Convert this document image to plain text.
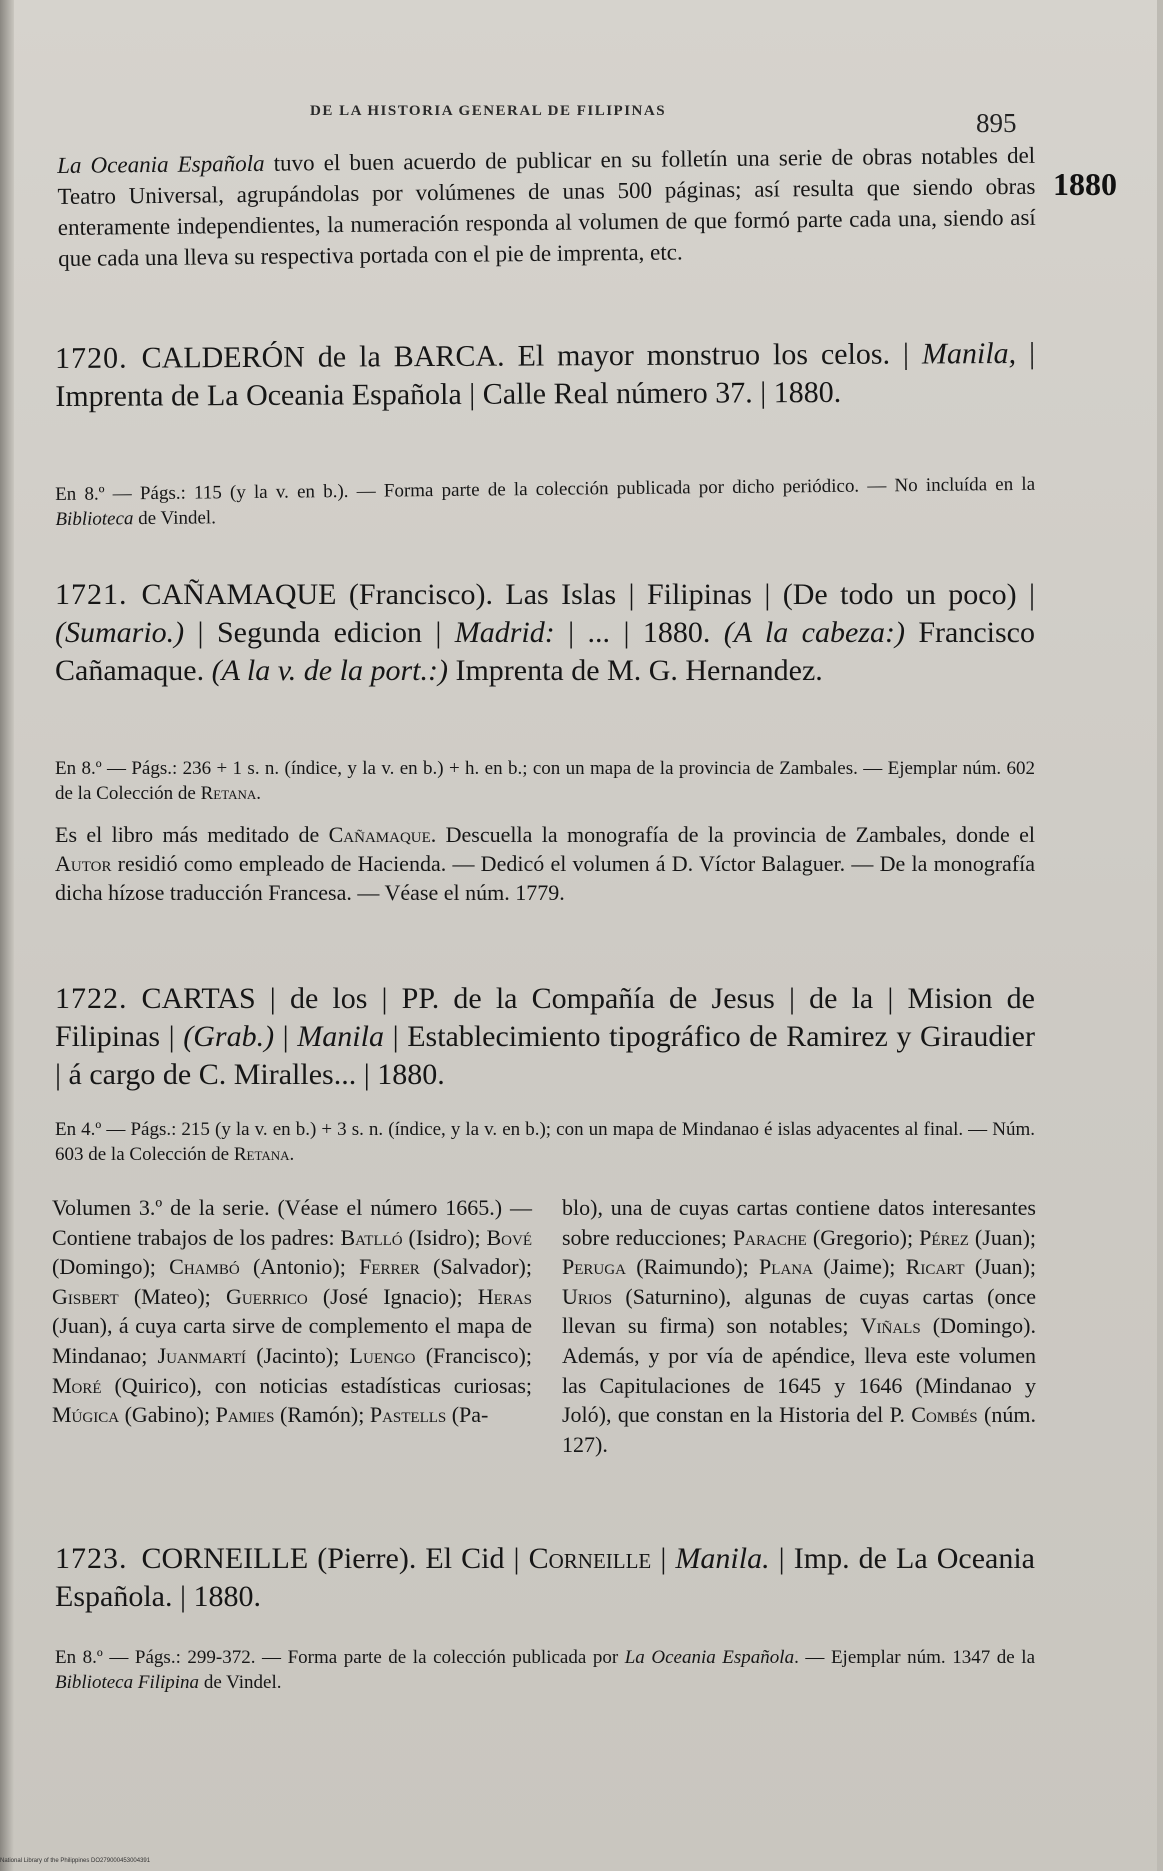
DE LA HISTORIA GENERAL DE FILIPINAS	895
1880
La Oceania Española tuvo el buen acuerdo de publicar en su folletín una serie de obras notables del Teatro Universal, agrupándolas por volúmenes de unas 500 páginas; así resulta que siendo obras enteramente independientes, la numeración responda al volumen de que formó parte cada una, siendo así que cada una lleva su respectiva portada con el pie de imprenta, etc.
1720. CALDERÓN de la BARCA. El mayor monstruo los celos. | Manila, | Imprenta de La Oceania Española | Calle Real número 37. | 1880.
En 8.º — Págs.: 115 (y la v. en b.). — Forma parte de la colección publicada por dicho periódico. — No incluída en la Biblioteca de Vindel.
1721. CAÑAMAQUE (Francisco). Las Islas | Filipinas | (De todo un poco) | (Sumario.) | Segunda edicion | Madrid: | ... | 1880. (A la cabeza:) Francisco Cañamaque. (A la v. de la port.:) Imprenta de M. G. Hernandez.
En 8.º — Págs.: 236 + 1 s. n. (índice, y la v. en b.) + h. en b.; con un mapa de la provincia de Zambales. — Ejemplar núm. 602 de la Colección de Retana.
Es el libro más meditado de Cañamaque. Descuella la monografía de la provincia de Zambales, donde el Autor residió como empleado de Hacienda. — Dedicó el volumen á D. Víctor Balaguer. — De la monografía dicha hízose traducción Francesa. — Véase el núm. 1779.
1722. CARTAS | de los | PP. de la Compañía de Jesus | de la | Mision de Filipinas | (Grab.) | Manila | Establecimiento tipográfico de Ramirez y Giraudier | á cargo de C. Miralles... | 1880.
En 4.º — Págs.: 215 (y la v. en b.) + 3 s. n. (índice, y la v. en b.); con un mapa de Mindanao é islas adyacentes al final. — Núm. 603 de la Colección de Retana.
Volumen 3.º de la serie. (Véase el número 1665.) — Contiene trabajos de los padres: Batlló (Isidro); Bové (Domingo); Chambó (Antonio); Ferrer (Salvador); Gisbert (Mateo); Guerrico (José Ignacio); Heras (Juan), á cuya carta sirve de complemento el mapa de Mindanao; Juanmartí (Jacinto); Luengo (Francisco); Moré (Quirico), con noticias estadísticas curiosas; Múgica (Gabino); Pamies (Ramón); Pastells (Pa-
blo), una de cuyas cartas contiene datos interesantes sobre reducciones; Parache (Gregorio); Pérez (Juan); Peruga (Raimundo); Plana (Jaime); Ricart (Juan); Urios (Saturnino), algunas de cuyas cartas (once llevan su firma) son notables; Viñals (Domingo). Además, y por vía de apéndice, lleva este volumen las Capitulaciones de 1645 y 1646 (Mindanao y Joló), que constan en la Historia del P. Combés (núm. 127).
1723. CORNEILLE (Pierre). El Cid | Corneille | Manila. | Imp. de La Oceania Española. | 1880.
En 8.º — Págs.: 299-372. — Forma parte de la colección publicada por La Oceania Española. — Ejemplar núm. 1347 de la Biblioteca Filipina de Vindel.
National Library of the Philippines DO279000453004391
